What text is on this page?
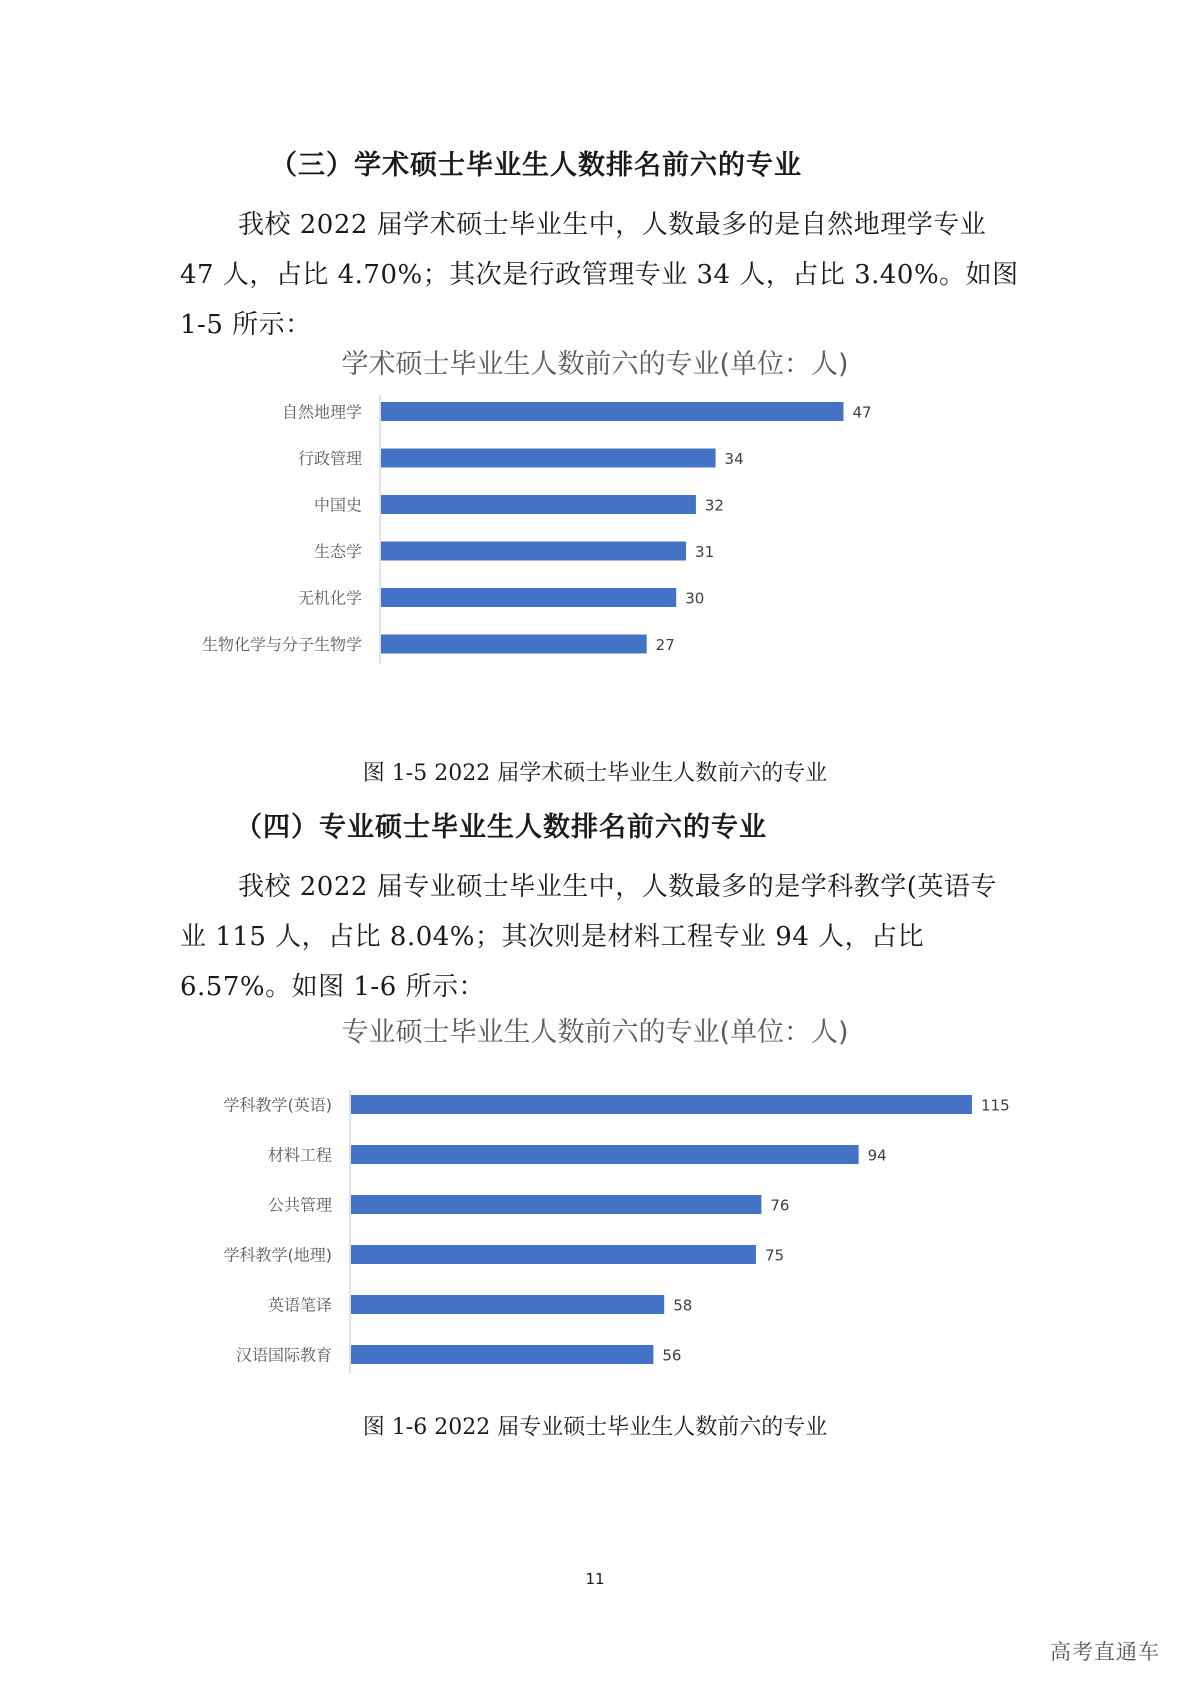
（三）学术硕士毕业生人数排名前六的专业

我校 2022 届学术硕士毕业生中，人数最多的是自然地理学专业 47 人，占比 4.70%；其次是行政管理专业 34 人，占比 3.40%。如图 1-5 所示：

学术硕士毕业生人数前六的专业(单位：人)

自然地理学	47
行政管理	34
中国史	32
生态学	31
无机化学	30
生物化学与分子生物学	27

图 1-5 2022 届学术硕士毕业生人数前六的专业

（四）专业硕士毕业生人数排名前六的专业

我校 2022 届专业硕士毕业生中，人数最多的是学科教学(英语专业 115 人，占比 8.04%；其次则是材料工程专业 94 人，占比 6.57%。如图 1-6 所示：

专业硕士毕业生人数前六的专业(单位：人)

学科教学(英语)	115
材料工程	94
公共管理	76
学科教学(地理)	75
英语笔译	58
汉语国际教育	56

图 1-6 2022 届专业硕士毕业生人数前六的专业

11
高考直通车
